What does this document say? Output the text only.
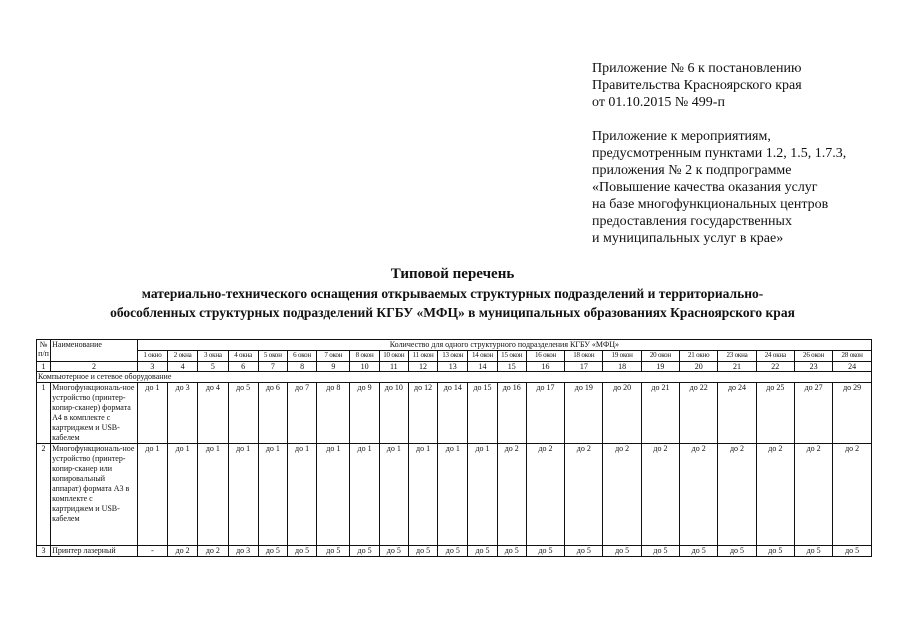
Приложение № 6 к постановлению
Правительства Красноярского края
от 01.10.2015 № 499-п
Приложение к мероприятиям,
предусмотренным пунктами 1.2, 1.5, 1.7.3,
приложения № 2 к подпрограмме
«Повышение качества оказания услуг
на базе многофункциональных центров
предоставления государственных
и муниципальных услуг в крае»
Типовой перечень
материально-технического оснащения открываемых структурных подразделений и территориально-
обособленных структурных подразделений КГБУ «МФЦ» в муниципальных образованиях Красноярского края
№ п/п	Наименование	Количество для одного структурного подразделения КГБУ «МФЦ»																					
		1 окно	2 окна	3 окна	4 окна	5 окон	6 окон	7 окон	8 окон	10 окон	11 окон	13 окон	14 окон	15 окон	16 окон	18 окон	19 окон	20 окон	21 окно	23 окна	24 окна	26 окон	28 окон
1	2	3	4	5	6	7	8	9	10	11	12	13	14	15	16	17	18	19	20	21	22	23	24
Компьютерное и сетевое оборудование																							
1	Многофункциональ-ное устройство (принтер-копир-сканер) формата А4 в комплекте с картриджем и USB-кабелем	до 1	до 3	до 4	до 5	до 6	до 7	до 8	до 9	до 10	до 12	до 14	до 15	до 16	до 17	до 19	до 20	до 21	до 22	до 24	до 25	до 27	до 29
2	Многофункциональ-ное устройство (принтер-копир-сканер или копировальный аппарат) формата А3 в комплекте с картриджем и USB-кабелем	до 1	до 1	до 1	до 1	до 1	до 1	до 1	до 1	до 1	до 1	до 1	до 1	до 2	до 2	до 2	до 2	до 2	до 2	до 2	до 2	до 2	до 2
3	Принтер лазерный	-	до 2	до 2	до 3	до 5	до 5	до 5	до 5	до 5	до 5	до 5	до 5	до 5	до 5	до 5	до 5	до 5	до 5	до 5	до 5	до 5	до 5
